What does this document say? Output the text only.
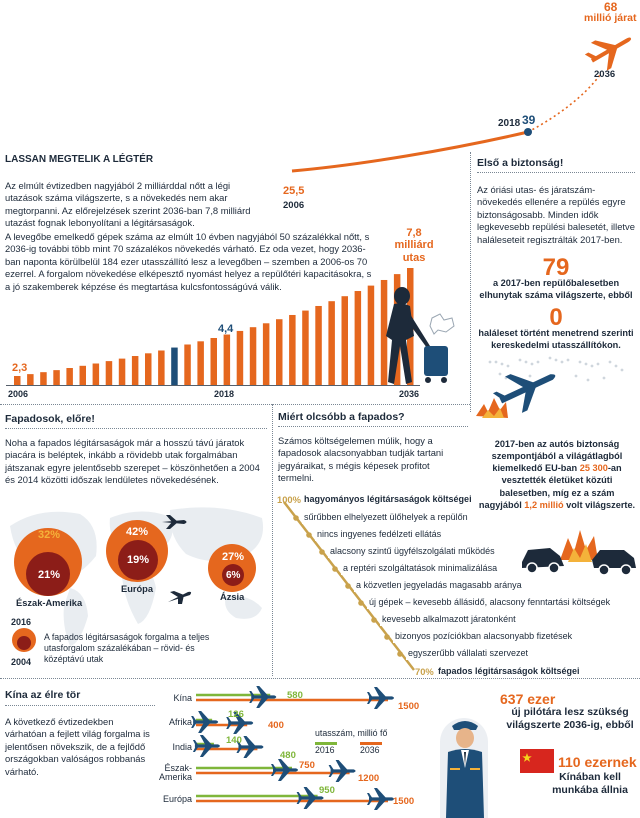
25,5
2006
2018 39
68
millió járat
2036
LASSAN MEGTELIK A LÉGTÉR
Az elmúlt évtizedben nagyjából 2 milliárddal nőtt a légi utazások száma világszerte, s a növekedés nem akar megtorpanni. Az előrejelzések szerint 2036-ban 7,8 milliárd utazást fognak lebonyolítani a légitársaságok.
A levegőbe emelkedő gépek száma az elmúlt 10 évben nagyjából 50 százalékkal nőtt, s 2036-ig további több mint 70 százalékos növekedés várható. Ez oda vezet, hogy 2036-ban naponta körülbelül 184 ezer utasszállító lesz a levegőben – szemben a 2006-os 70 ezerrel. A forgalom növekedése elképesztő nyomást helyez a repülőtéri kapacitásokra, s a jó szakemberek képzése és megtartása kulcsfontosságúvá válik.
2,3
4,4
7,8
milliárd
utas
2006	2018	2036
Első a biztonság!
Az óriási utas- és járatszám-növekedés ellenére a repülés egyre biztonságosabb. Minden idők legkevesebb repülési balesetét, illetve haláleseteit regisztrálták 2017-ben.
79
a 2017-ben repülőbalesetben elhunytak száma világszerte, ebből
0
haláleset történt menetrend szerinti kereskedelmi utasszállítókon.
2017-ben az autós biztonság szempontjából a világátlagból kiemelkedő EU-ban 25 300-an vesztették életüket közúti balesetben, míg ez a szám nagyjából 1,2 millió volt világszerte.
Fapadosok, előre!
Noha a fapados légitársaságok már a hosszú távú járatok piacára is beléptek, inkább a rövidebb utak forgalmában játszanak egyre jelentősebb szerepet – köszönhetően a 2004 és 2014 közötti időszak lendületes növekedésének.
32%
21%
Észak-Amerika
42%
19%
Európa
27%
6%
Ázsia
2016
2004
A fapados légitársaságok forgalma a teljes utasforgalom százalékában – rövid- és középtávú utak
Miért olcsóbb a fapados?
Számos költségelemen múlik, hogy a fapadosok alacsonyabban tudják tartani jegyáraikat, s mégis képesek profitot termelni.
100% hagyományos légitársaságok költségei
sűrűbben elhelyezett ülőhelyek a repülőn
nincs ingyenes fedélzeti ellátás
alacsony szintű ügyfélszolgálati működés
a reptéri szolgáltatások minimalizálása
a közvetlen jegyeladás magasabb aránya
új gépek – kevesebb állásidő, alacsony fenntartási költségek
kevesebb alkalmazott járatonként
bizonyos pozíciókban alacsonyabb fizetések
egyszerűbb vállalati szervezet
70% fapados légitársaságok költségei
Kína az élre tör
A következő évtizedekben várhatóan a fejlett világ forgalma is jelentősen növekszik, de a fejlődő országokban valóságos robbanás várható.
Kína
Afrika
India
Észak-Amerika
Európa
580
1500
126
400
140
480
750
1200
950
1500
utasszám, millió fő
2016	2036
637 ezer
új pilótára lesz szükség világszerte 2036-ig, ebből
110 ezernek
Kínában kell munkába állnia
